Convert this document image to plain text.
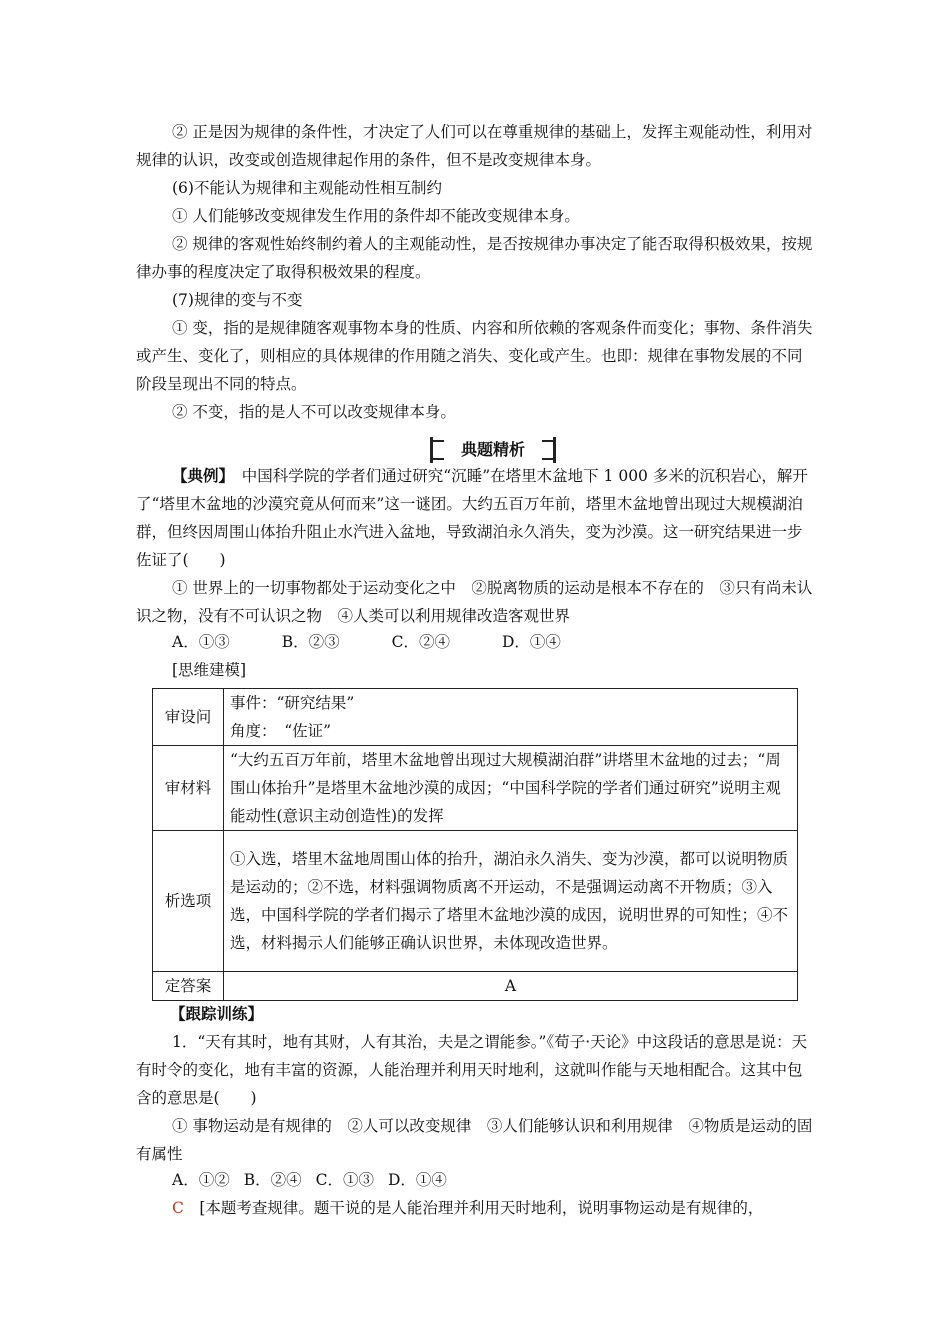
② 正是因为规律的条件性，才决定了人们可以在尊重规律的基础上，发挥主观能动性，利用对规律的认识，改变或创造规律起作用的条件，但不是改变规律本身。

(6)不能认为规律和主观能动性相互制约

① 人们能够改变规律发生作用的条件却不能改变规律本身。

② 规律的客观性始终制约着人的主观能动性，是否按规律办事决定了能否取得积极效果，按规律办事的程度决定了取得积极效果的程度。

(7)规律的变与不变

① 变，指的是规律随客观事物本身的性质、内容和所依赖的客观条件而变化；事物、条件消失或产生、变化了，则相应的具体规律的作用随之消失、变化或产生。也即：规律在事物发展的不同阶段呈现出不同的特点。

② 不变，指的是人不可以改变规律本身。

典题精析

【典例】　中国科学院的学者们通过研究“沉睡”在塔里木盆地下 1 000 多米的沉积岩心，解开了“塔里木盆地的沙漠究竟从何而来”这一谜团。大约五百万年前，塔里木盆地曾出现过大规模湖泊群，但终因周围山体抬升阻止水汽进入盆地，导致湖泊永久消失，变为沙漠。这一研究结果进一步佐证了(　　)

① 世界上的一切事物都处于运动变化之中　②脱离物质的运动是根本不存在的　③只有尚未认识之物，没有不可认识之物　④人类可以利用规律改造客观世界

A．①③	B．②③	C．②④	D．①④

[思维建模]

审设问	事件：“研究结果”
角度：　“佐证”

审材料	“大约五百万年前，塔里木盆地曾出现过大规模湖泊群”讲塔里木盆地的过去；“周围山体抬升”是塔里木盆地沙漠的成因；“中国科学院的学者们通过研究”说明主观能动性(意识主动创造性)的发挥
析选项	①入选，塔里木盆地周围山体的抬升，湖泊永久消失、变为沙漠，都可以说明物质是运动的；②不选，材料强调物质离不开运动，不是强调运动离不开物质；③入选，中国科学院的学者们揭示了塔里木盆地沙漠的成因，说明世界的可知性；④不选，材料揭示人们能够正确认识世界，未体现改造世界。
定答案	A

【跟踪训练】

1．“天有其时，地有其财，人有其治，夫是之谓能参。”《荀子·天论》中这段话的意思是说：天有时令的变化，地有丰富的资源，人能治理并利用天时地利，这就叫作能与天地相配合。这其中包含的意思是(　　)

① 事物运动是有规律的　②人可以改变规律　③人们能够认识和利用规律　④物质是运动的固有属性

A．①② B．②④ C．①③ D．①④

C　[本题考查规律。题干说的是人能治理并利用天时地利，说明事物运动是有规律的，
